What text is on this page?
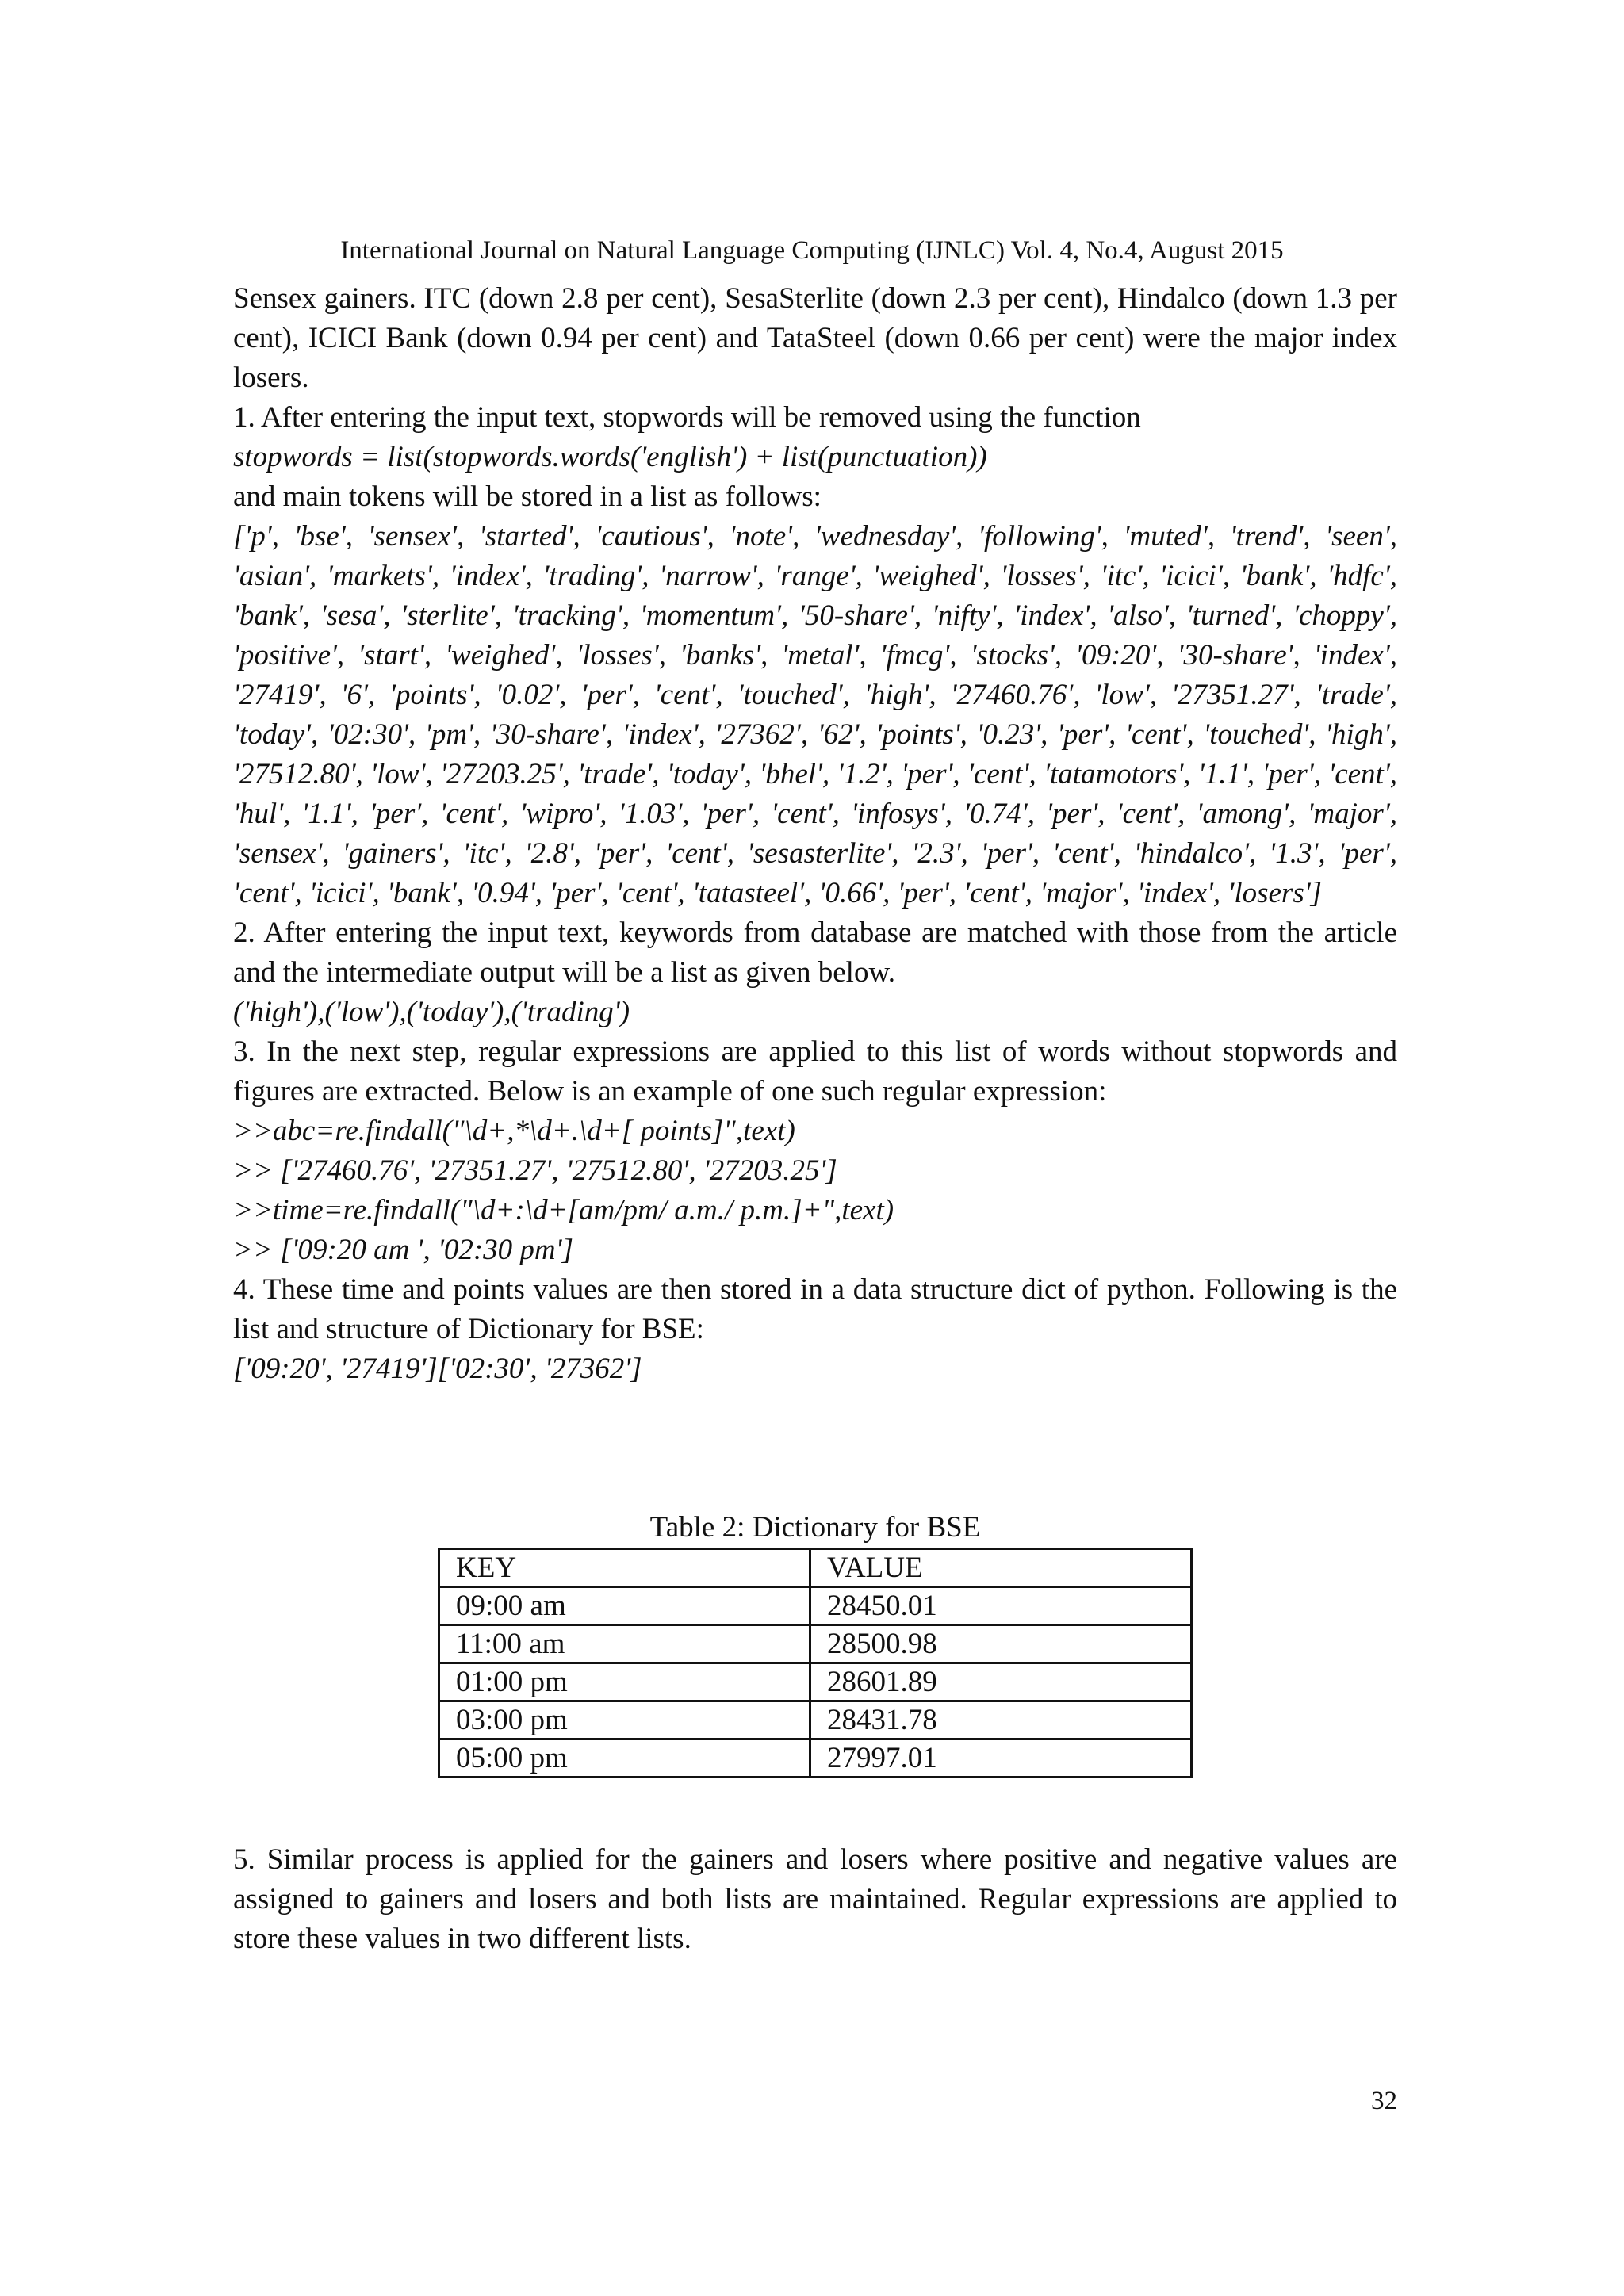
International Journal on Natural Language Computing (IJNLC) Vol. 4, No.4, August 2015

Sensex gainers. ITC (down 2.8 per cent), SesaSterlite (down 2.3 per cent), Hindalco (down 1.3 per cent), ICICI Bank (down 0.94 per cent) and TataSteel (down 0.66 per cent) were the major index losers.

1. After entering the input text, stopwords will be removed using the function

stopwords = list(stopwords.words('english') + list(punctuation))

and main tokens will be stored in a list as follows:

['p', 'bse', 'sensex', 'started', 'cautious', 'note', 'wednesday', 'following', 'muted', 'trend', 'seen', 'asian', 'markets', 'index', 'trading', 'narrow', 'range', 'weighed', 'losses', 'itc', 'icici', 'bank', 'hdfc', 'bank', 'sesa', 'sterlite', 'tracking', 'momentum', '50-share', 'nifty', 'index', 'also', 'turned', 'choppy', 'positive', 'start', 'weighed', 'losses', 'banks', 'metal', 'fmcg', 'stocks', '09:20', '30-share', 'index', '27419', '6', 'points', '0.02', 'per', 'cent', 'touched', 'high', '27460.76', 'low', '27351.27', 'trade', 'today', '02:30', 'pm', '30-share', 'index', '27362', '62', 'points', '0.23', 'per', 'cent', 'touched', 'high', '27512.80', 'low', '27203.25', 'trade', 'today', 'bhel', '1.2', 'per', 'cent', 'tatamotors', '1.1', 'per', 'cent', 'hul', '1.1', 'per', 'cent', 'wipro', '1.03', 'per', 'cent', 'infosys', '0.74', 'per', 'cent', 'among', 'major', 'sensex', 'gainers', 'itc', '2.8', 'per', 'cent', 'sesasterlite', '2.3', 'per', 'cent', 'hindalco', '1.3', 'per', 'cent', 'icici', 'bank', '0.94', 'per', 'cent', 'tatasteel', '0.66', 'per', 'cent', 'major', 'index', 'losers']

2. After entering the input text, keywords from database are matched with those from the article and the intermediate output will be a list as given below.

('high'),('low'),('today'),('trading')

3. In the next step, regular expressions are applied to this list of words without stopwords and figures are extracted. Below is an example of one such regular expression:

>>abc=re.findall("\d+,*\d+.\d+[ points]",text)

>> ['27460.76', '27351.27', '27512.80', '27203.25']

>>time=re.findall("\d+:\d+[am/pm/ a.m./ p.m.]+",text)

>> ['09:20 am ', '02:30 pm']

4. These time and points values are then stored in a data structure dict of python. Following is the list and structure of Dictionary for BSE:

['09:20', '27419']['02:30', '27362']

Table 2: Dictionary for BSE

KEY	VALUE
09:00 am	28450.01
11:00 am	28500.98
01:00 pm	28601.89
03:00 pm	28431.78
05:00 pm	27997.01

5. Similar process is applied for the gainers and losers where positive and negative values are assigned to gainers and losers and both lists are maintained. Regular expressions are applied to store these values in two different lists.

32
